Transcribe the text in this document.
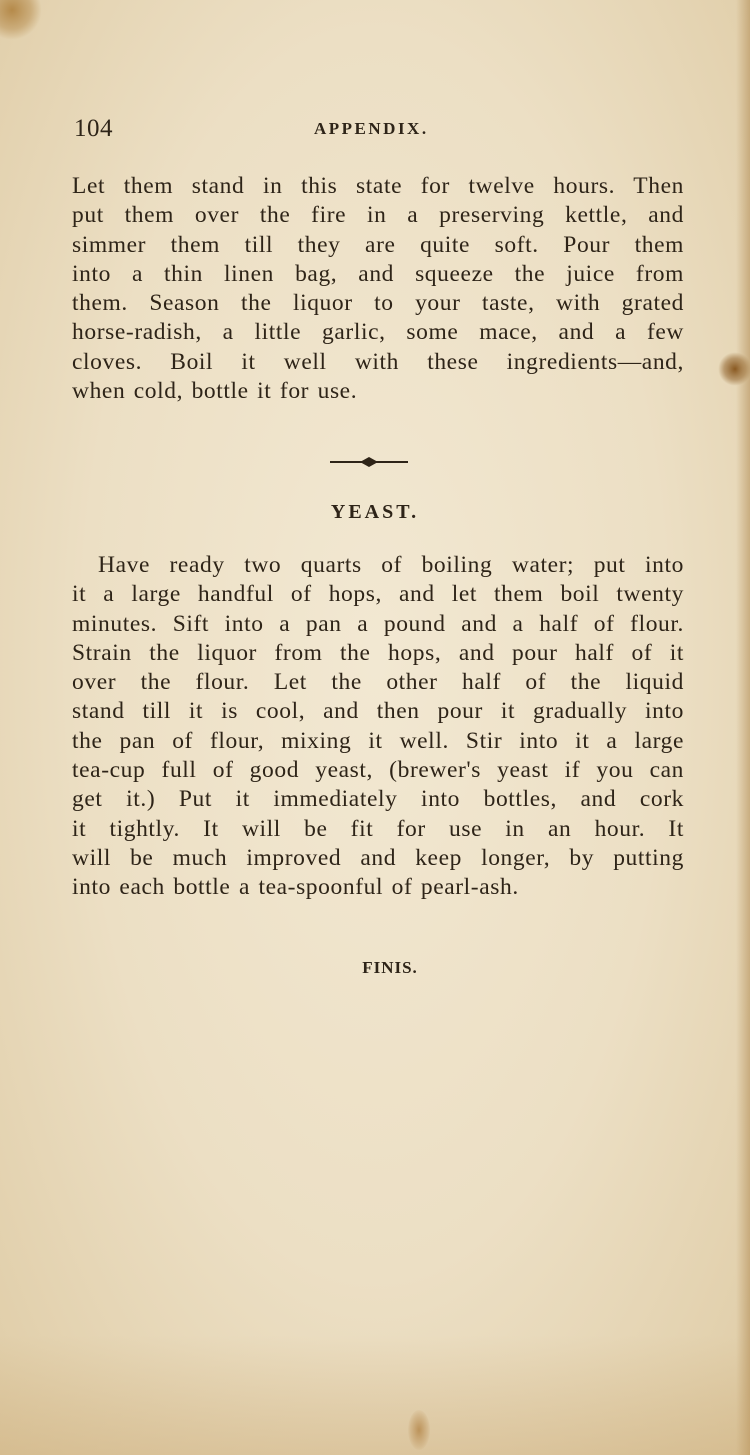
104	APPENDIX.
Let them stand in this state for twelve hours. Then
put them over the fire in a preserving kettle, and
simmer them till they are quite soft. Pour them
into a thin linen bag, and squeeze the juice from
them. Season the liquor to your taste, with grated
horse-radish, a little garlic, some mace, and a few
cloves. Boil it well with these ingredients—and,
when cold, bottle it for use.
YEAST.
Have ready two quarts of boiling water; put into
it a large handful of hops, and let them boil twenty
minutes. Sift into a pan a pound and a half of flour.
Strain the liquor from the hops, and pour half of it
over the flour. Let the other half of the liquid
stand till it is cool, and then pour it gradually into
the pan of flour, mixing it well. Stir into it a large
tea-cup full of good yeast, (brewer's yeast if you can
get it.) Put it immediately into bottles, and cork
it tightly. It will be fit for use in an hour. It
will be much improved and keep longer, by putting
into each bottle a tea-spoonful of pearl-ash.
FINIS.
